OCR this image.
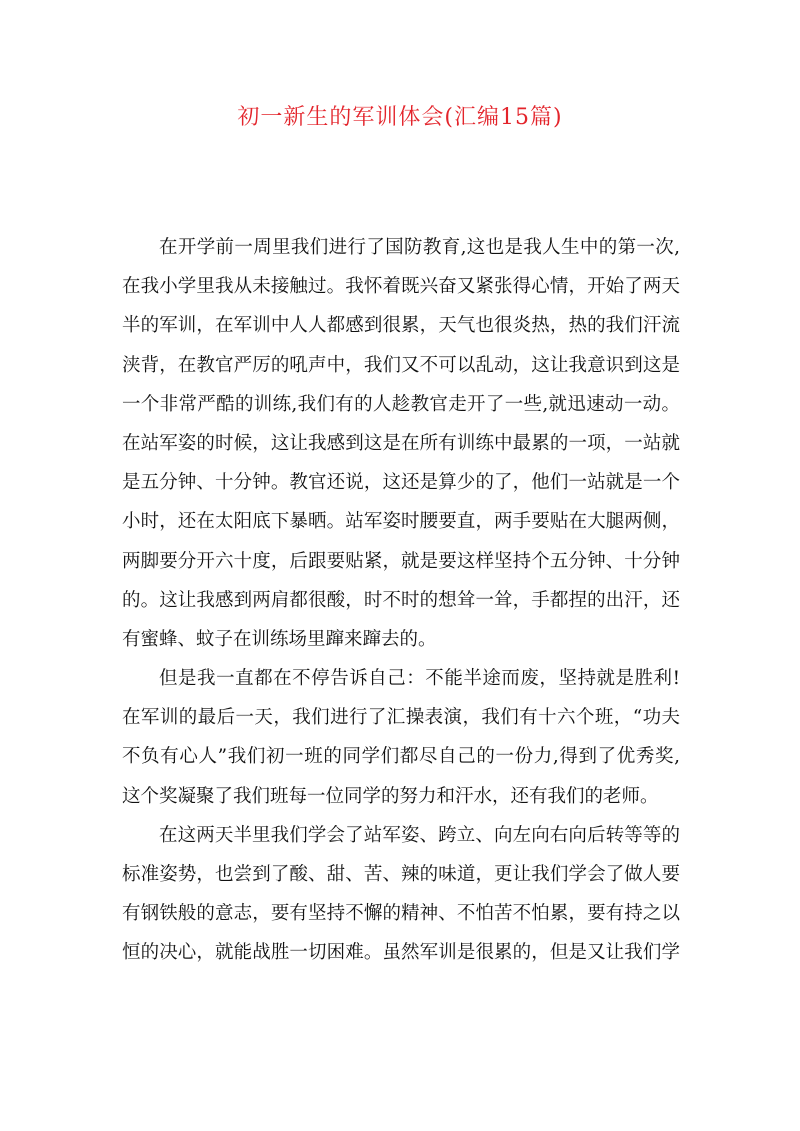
初一新生的军训体会(汇编15篇)
在开学前一周里我们进行了国防教育,这也是我人生中的第一次,
在我小学里我从未接触过。我怀着既兴奋又紧张得心情，开始了两天
半的军训，在军训中人人都感到很累，天气也很炎热，热的我们汗流
浃背，在教官严厉的吼声中，我们又不可以乱动，这让我意识到这是
一个非常严酷的训练,我们有的人趁教官走开了一些,就迅速动一动。
在站军姿的时候，这让我感到这是在所有训练中最累的一项，一站就
是五分钟、十分钟。教官还说，这还是算少的了，他们一站就是一个
小时，还在太阳底下暴晒。站军姿时腰要直，两手要贴在大腿两侧，
两脚要分开六十度，后跟要贴紧，就是要这样坚持个五分钟、十分钟
的。这让我感到两肩都很酸，时不时的想耸一耸，手都捏的出汗，还
有蜜蜂、蚊子在训练场里蹿来蹿去的。
但是我一直都在不停告诉自己：不能半途而废，坚持就是胜利!
在军训的最后一天，我们进行了汇操表演，我们有十六个班，“功夫
不负有心人”我们初一班的同学们都尽自己的一份力,得到了优秀奖,
这个奖凝聚了我们班每一位同学的努力和汗水，还有我们的老师。
在这两天半里我们学会了站军姿、跨立、向左向右向后转等等的
标准姿势，也尝到了酸、甜、苦、辣的味道，更让我们学会了做人要
有钢铁般的意志，要有坚持不懈的精神、不怕苦不怕累，要有持之以
恒的决心，就能战胜一切困难。虽然军训是很累的，但是又让我们学
